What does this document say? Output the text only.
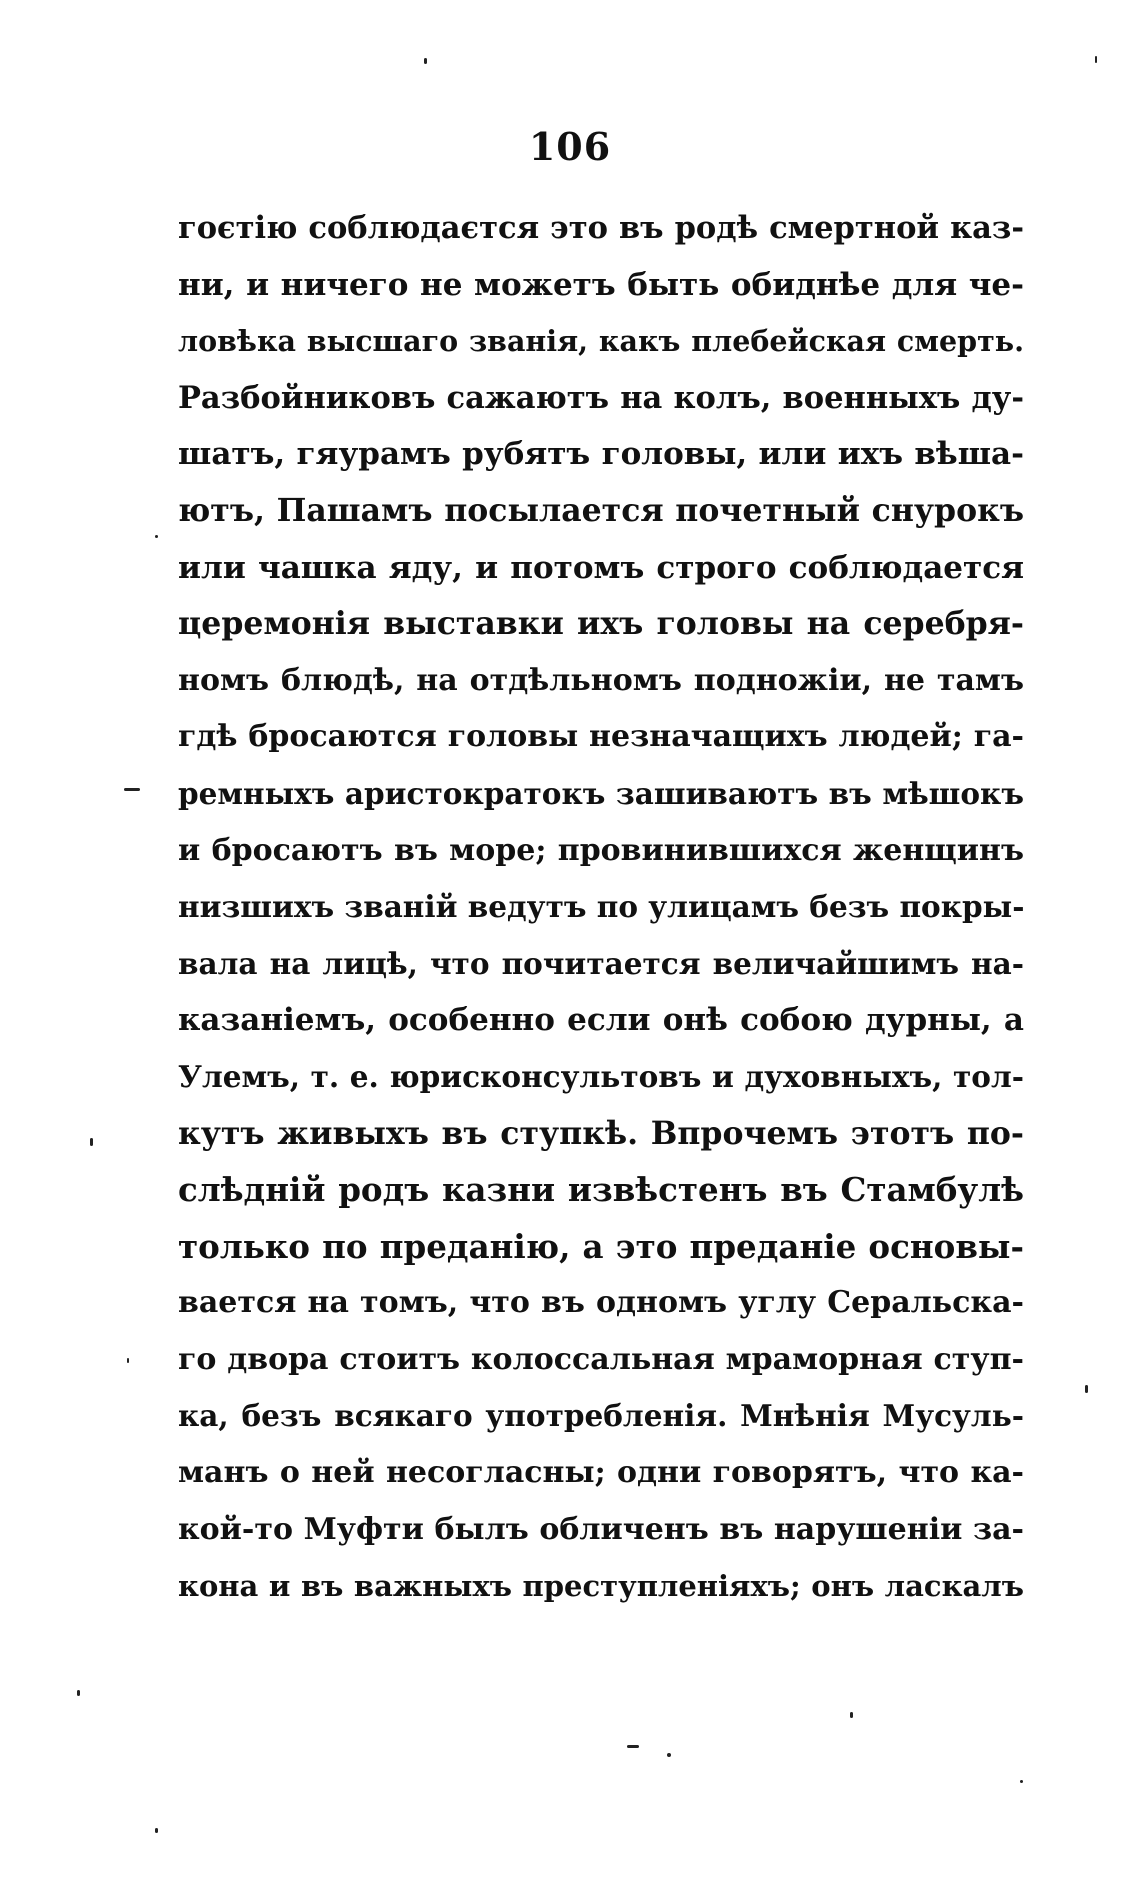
106
гоєтію соблюдаєтся это въ родѣ смертной каз-
ни, и ничего не можетъ быть обиднѣе для че-
ловѣка высшаго званія, какъ плебейская смерть.
Разбойниковъ сажаютъ на колъ, военныхъ ду-
шатъ, гяурамъ рубятъ головы, или ихъ вѣша-
ютъ, Пашамъ посылается почетный снурокъ
или чашка яду, и потомъ строго соблюдается
церемонія выставки ихъ головы на серебря-
номъ блюдѣ, на отдѣльномъ подножіи, не тамъ
гдѣ бросаются головы незначащихъ людей; га-
ремныхъ аристократокъ зашиваютъ въ мѣшокъ
и бросаютъ въ море; провинившихся женщинъ
низшихъ званій ведутъ по улицамъ безъ покры-
вала на лицѣ, что почитается величайшимъ на-
казаніемъ, особенно если онѣ собою дурны, а
Улемъ, т. е. юрисконсультовъ и духовныхъ, тол-
кутъ живыхъ въ ступкѣ. Впрочемъ этотъ по-
слѣдній родъ казни извѣстенъ въ Стамбулѣ
только по преданію, а это преданіе основы-
вается на томъ, что въ одномъ углу Серальска-
го двора стоитъ колоссальная мраморная ступ-
ка, безъ всякаго употребленія. Мнѣнія Мусуль-
манъ о ней несогласны; одни говорятъ, что ка-
кой-то Муфти былъ обличенъ въ нарушеніи за-
кона и въ важныхъ преступленіяхъ; онъ ласкалъ
